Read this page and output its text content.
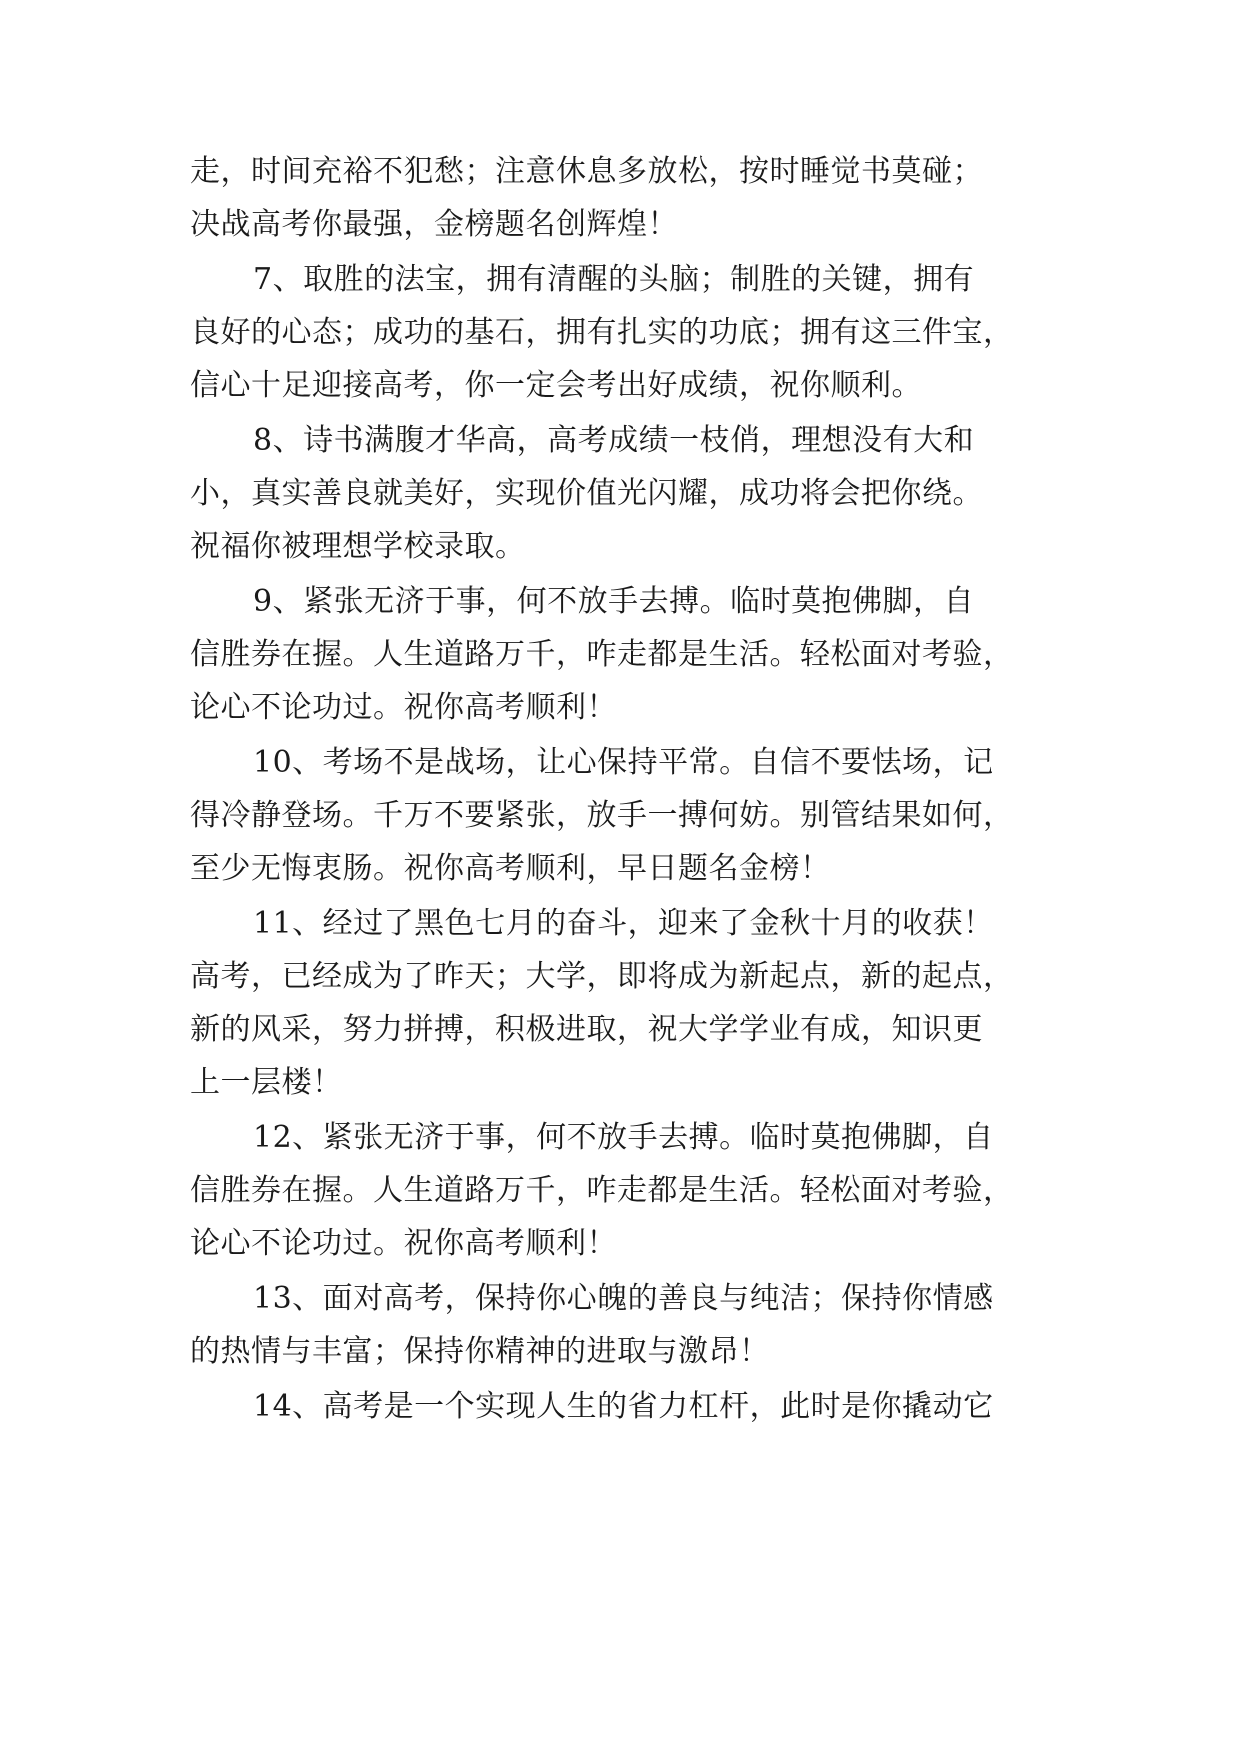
走，时间充裕不犯愁；注意休息多放松，按时睡觉书莫碰；
决战高考你最强，金榜题名创辉煌！
7、取胜的法宝，拥有清醒的头脑；制胜的关键，拥有
良好的心态；成功的基石，拥有扎实的功底；拥有这三件宝，
信心十足迎接高考，你一定会考出好成绩，祝你顺利。
8、诗书满腹才华高，高考成绩一枝俏，理想没有大和
小，真实善良就美好，实现价值光闪耀，成功将会把你绕。
祝福你被理想学校录取。
9、紧张无济于事，何不放手去搏。临时莫抱佛脚，自
信胜券在握。人生道路万千，咋走都是生活。轻松面对考验，
论心不论功过。祝你高考顺利！
10、考场不是战场，让心保持平常。自信不要怯场，记
得冷静登场。千万不要紧张，放手一搏何妨。别管结果如何，
至少无悔衷肠。祝你高考顺利，早日题名金榜！
11、经过了黑色七月的奋斗，迎来了金秋十月的收获！
高考，已经成为了昨天；大学，即将成为新起点，新的起点，
新的风采，努力拼搏，积极进取，祝大学学业有成，知识更
上一层楼！
12、紧张无济于事，何不放手去搏。临时莫抱佛脚，自
信胜券在握。人生道路万千，咋走都是生活。轻松面对考验，
论心不论功过。祝你高考顺利！
13、面对高考，保持你心魄的善良与纯洁；保持你情感
的热情与丰富；保持你精神的进取与激昂！
14、高考是一个实现人生的省力杠杆，此时是你撬动它
